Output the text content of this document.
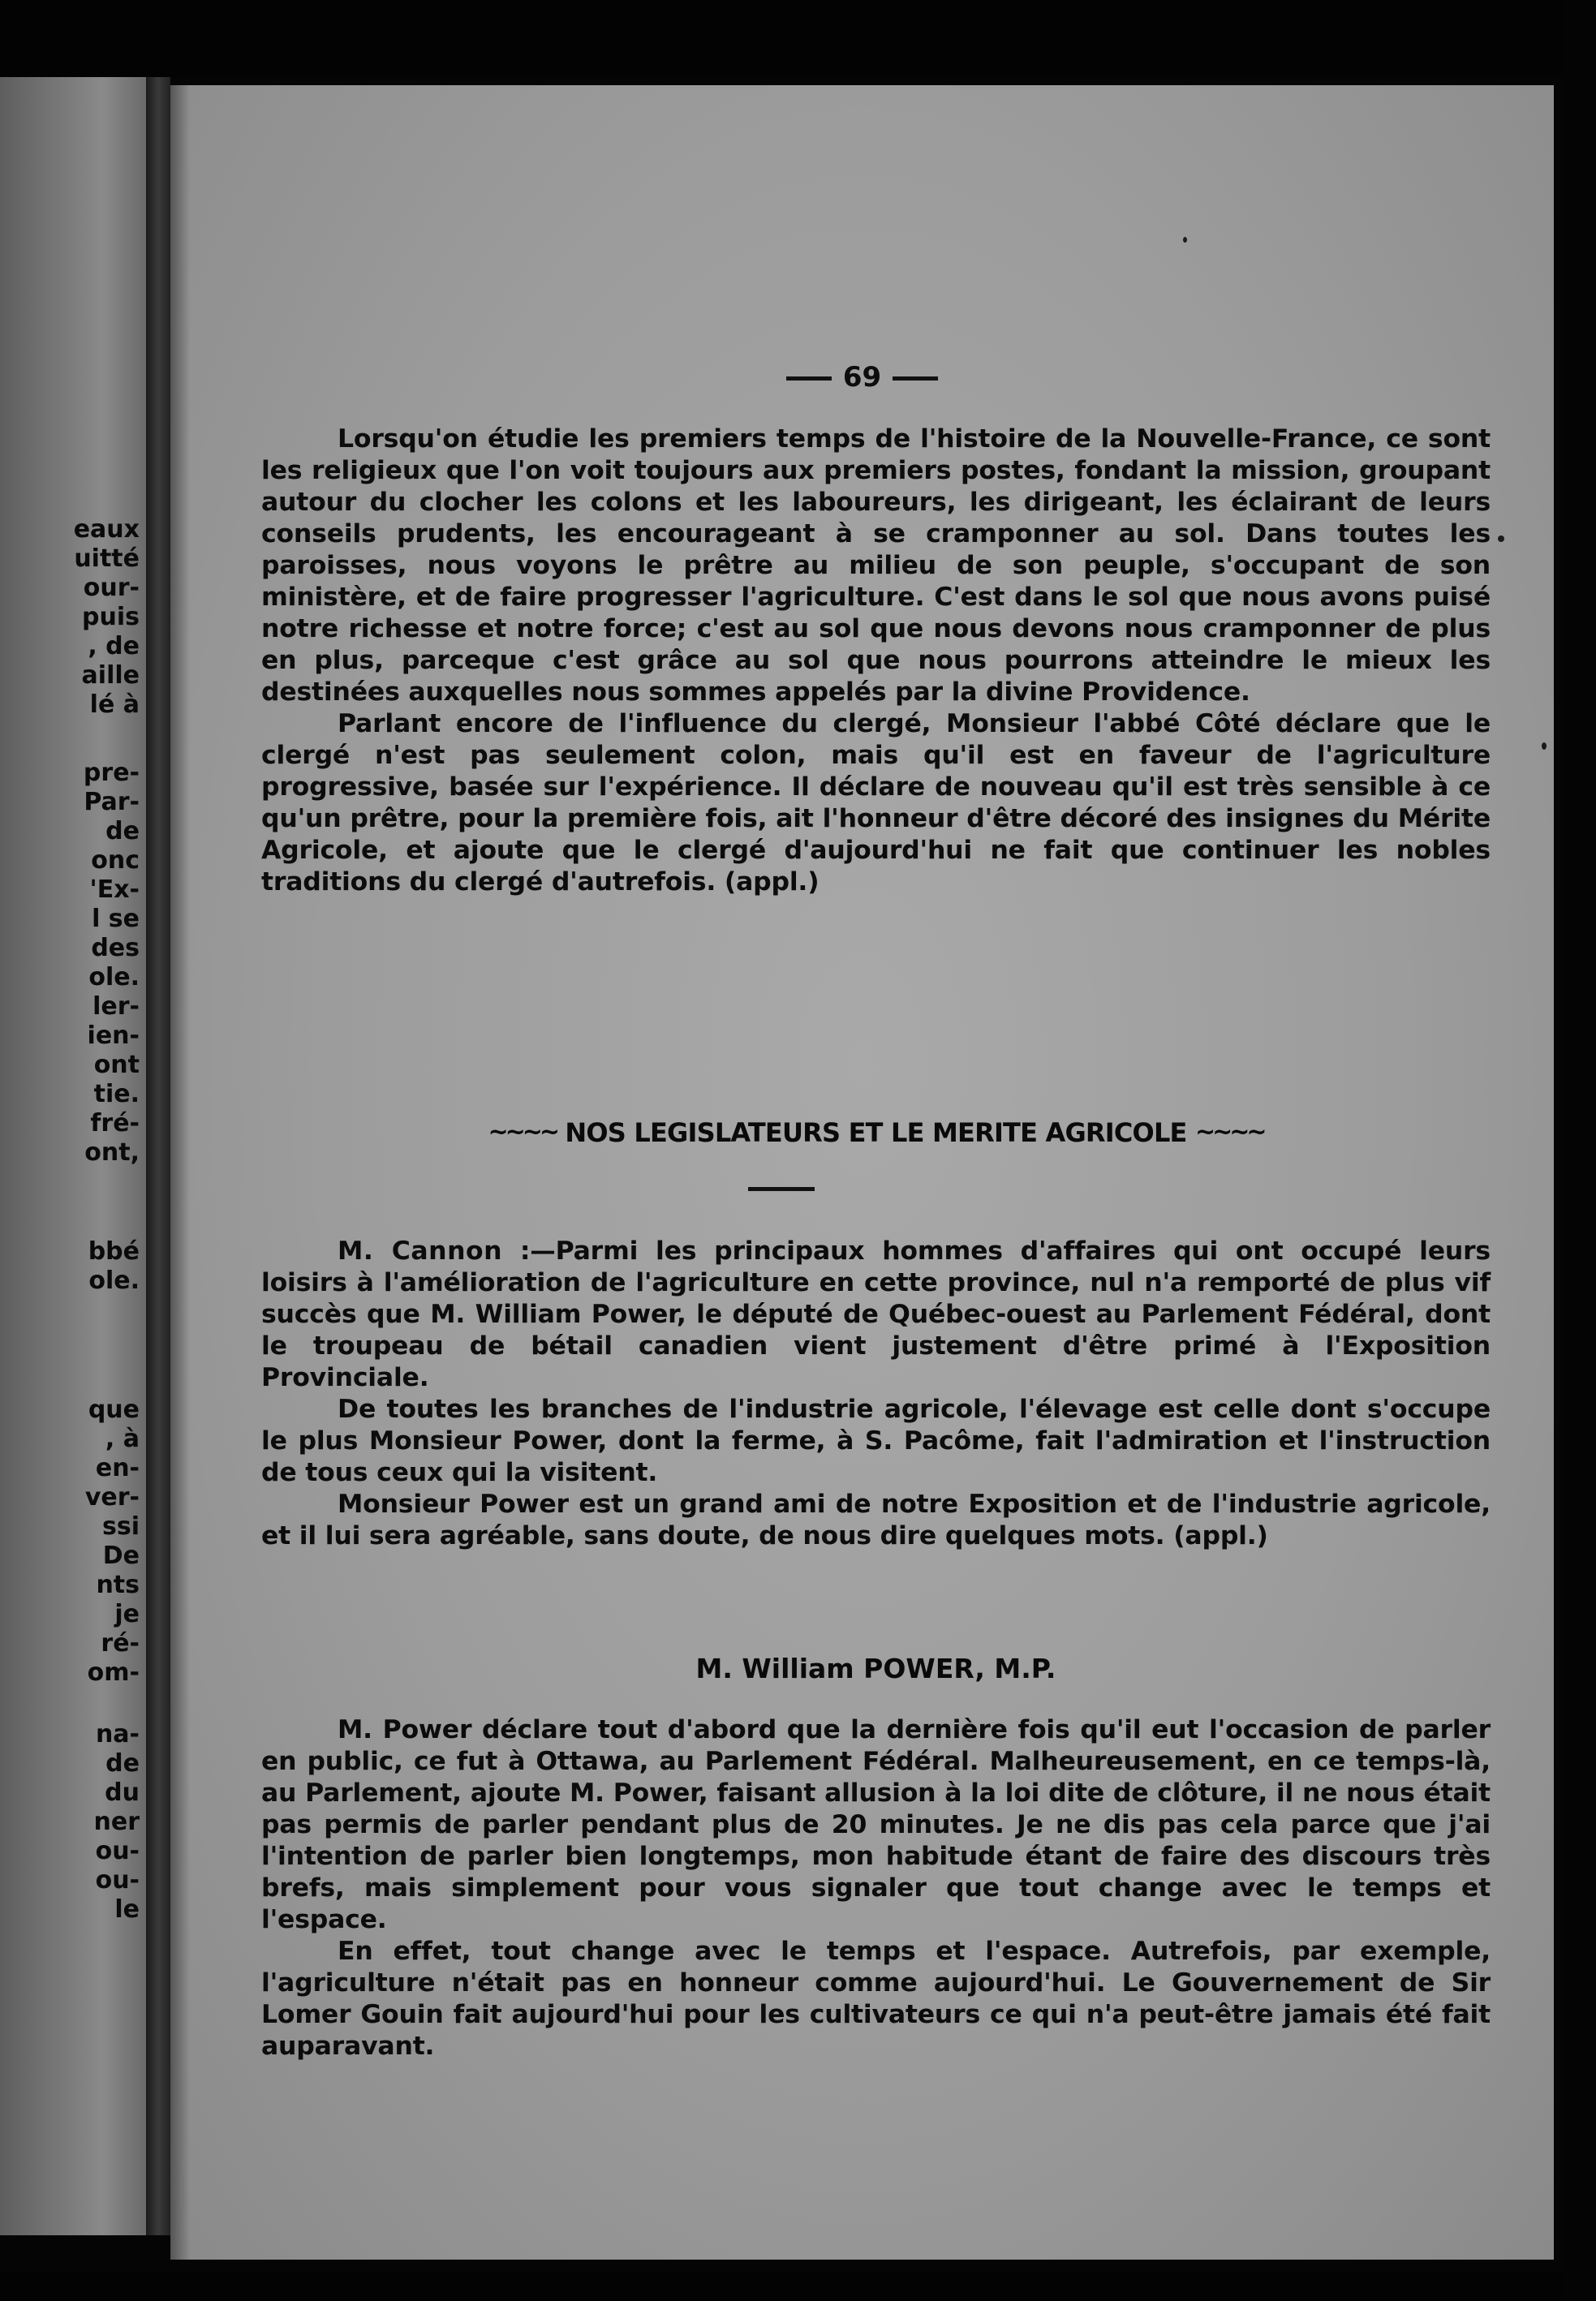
eaux
uitté
our-
puis
, de
aille
lé à
pre-
Par-
de
onc
'Ex-
l se
des
ole.
ler-
ien-
ont
tie.
fré-
ont,
bbé
ole.
que
, à
en-
ver-
ssi
De
nts
je
ré-
om-
na-
de
du
ner
ou-
ou-
le
69

Lorsqu'on étudie les premiers temps de l'histoire de la Nouvelle-France, ce sont les religieux que l'on voit toujours aux premiers postes, fondant la mission, groupant autour du clocher les colons et les laboureurs, les dirigeant, les éclairant de leurs conseils prudents, les encourageant à se cramponner au sol. Dans toutes les paroisses, nous voyons le prêtre au milieu de son peuple, s'occupant de son ministère, et de faire progresser l'agriculture. C'est dans le sol que nous avons puisé notre richesse et notre force; c'est au sol que nous devons nous cramponner de plus en plus, parceque c'est grâce au sol que nous pourrons atteindre le mieux les destinées auxquelles nous sommes appelés par la divine Providence.

Parlant encore de l'influence du clergé, Monsieur l'abbé Côté déclare que le clergé n'est pas seulement colon, mais qu'il est en faveur de l'agriculture progressive, basée sur l'expérience. Il déclare de nouveau qu'il est très sensible à ce qu'un prêtre, pour la première fois, ait l'honneur d'être décoré des insignes du Mérite Agricole, et ajoute que le clergé d'aujourd'hui ne fait que continuer les nobles traditions du clergé d'autrefois. (appl.)

~~~~ NOS LEGISLATEURS ET LE MERITE AGRICOLE ~~~~

M. Cannon :—Parmi les principaux hommes d'affaires qui ont occupé leurs loisirs à l'amélioration de l'agriculture en cette province, nul n'a remporté de plus vif succès que M. William Power, le député de Québec-ouest au Parlement Fédéral, dont le troupeau de bétail canadien vient justement d'être primé à l'Exposition Provinciale.

De toutes les branches de l'industrie agricole, l'élevage est celle dont s'occupe le plus Monsieur Power, dont la ferme, à S. Pacôme, fait l'admiration et l'instruction de tous ceux qui la visitent.

Monsieur Power est un grand ami de notre Exposition et de l'industrie agricole, et il lui sera agréable, sans doute, de nous dire quelques mots. (appl.)

M. William POWER, M.P.

M. Power déclare tout d'abord que la dernière fois qu'il eut l'occasion de parler en public, ce fut à Ottawa, au Parlement Fédéral. Malheureusement, en ce temps-là, au Parlement, ajoute M. Power, faisant allusion à la loi dite de clôture, il ne nous était pas permis de parler pendant plus de 20 minutes. Je ne dis pas cela parce que j'ai l'intention de parler bien longtemps, mon habitude étant de faire des discours très brefs, mais simplement pour vous signaler que tout change avec le temps et l'espace.

En effet, tout change avec le temps et l'espace. Autrefois, par exemple, l'agriculture n'était pas en honneur comme aujourd'hui. Le Gouvernement de Sir Lomer Gouin fait aujourd'hui pour les cultivateurs ce qui n'a peut-être jamais été fait auparavant.
